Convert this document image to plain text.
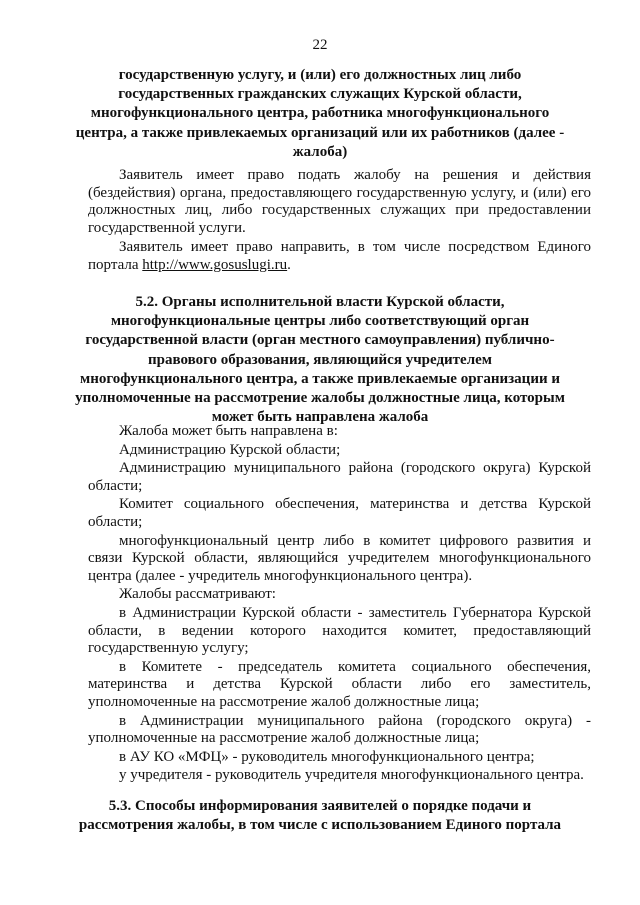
22
государственную услугу, и (или) его должностных лиц либо государственных гражданских служащих Курской области, многофункционального центра, работника многофункционального центра, а также привлекаемых организаций или их работников (далее - жалоба)

Заявитель имеет право подать жалобу на решения и действия (бездействия) органа, предоставляющего государственную услугу, и (или) его должностных лиц, либо государственных служащих при предоставлении государственной услуги.

Заявитель имеет право направить, в том числе посредством Единого портала http://www.gosuslugi.ru.

5.2. Органы исполнительной власти Курской области, многофункциональные центры либо соответствующий орган государственной власти (орган местного самоуправления) публично-правового образования, являющийся учредителем многофункционального центра, а также привлекаемые организации и уполномоченные на рассмотрение жалобы должностные лица, которым может быть направлена жалоба

Жалоба может быть направлена в:

Администрацию Курской области;

Администрацию муниципального района (городского округа) Курской области;

Комитет социального обеспечения, материнства и детства Курской области;

многофункциональный центр либо в комитет цифрового развития и связи Курской области, являющийся учредителем многофункционального центра (далее - учредитель многофункционального центра).

Жалобы рассматривают:

в Администрации Курской области - заместитель Губернатора Курской области, в ведении которого находится комитет, предоставляющий государственную услугу;

в Комитете - председатель комитета социального обеспечения, материнства и детства Курской области либо его заместитель, уполномоченные на рассмотрение жалоб должностные лица;

в Администрации муниципального района (городского округа) - уполномоченные на рассмотрение жалоб должностные лица;

в АУ КО «МФЦ» - руководитель многофункционального центра;

у учредителя - руководитель учредителя многофункционального центра.

5.3. Способы информирования заявителей о порядке подачи и рассмотрения жалобы, в том числе с использованием Единого портала
